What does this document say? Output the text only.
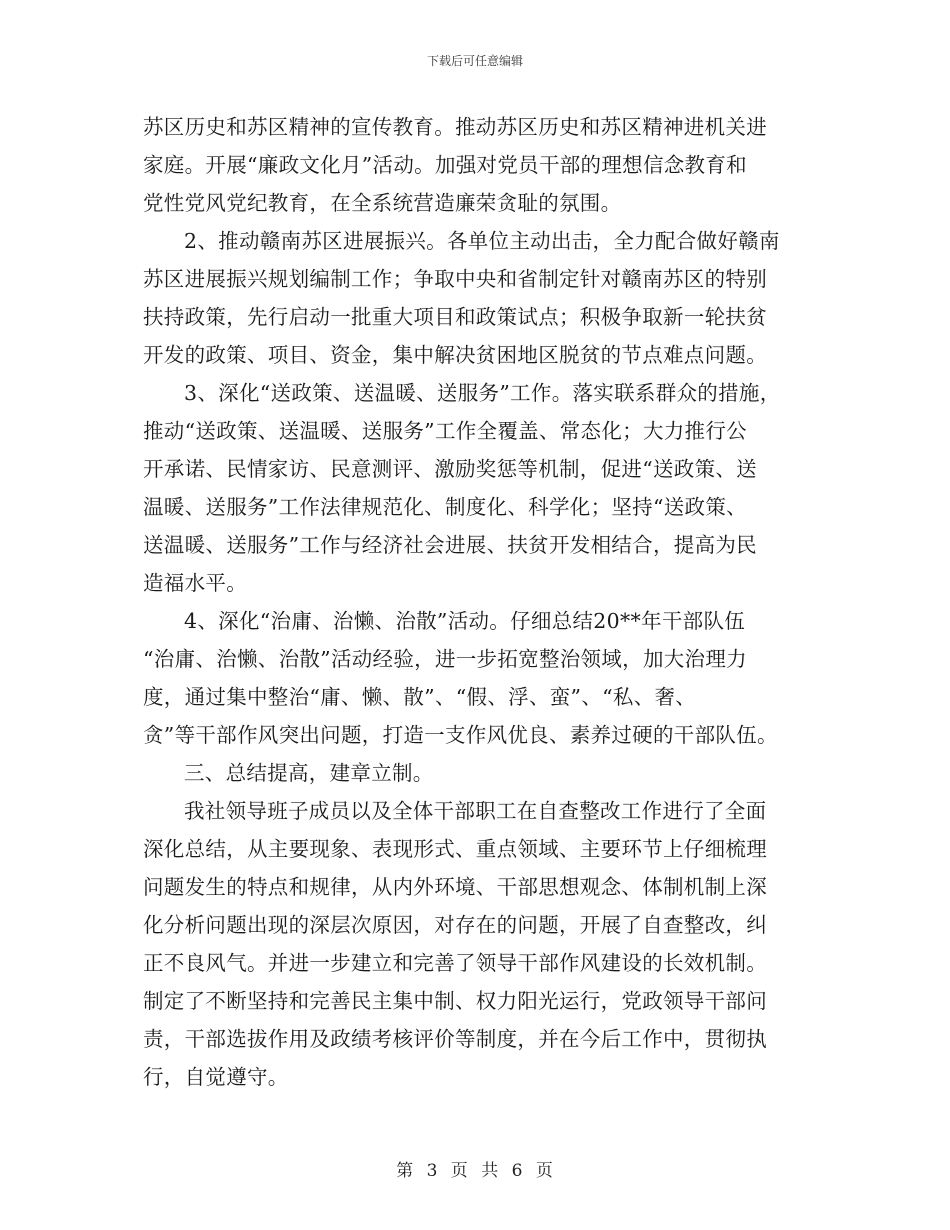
下载后可任意编辑
苏区历史和苏区精神的宣传教育。推动苏区历史和苏区精神进机关进
家庭。开展“廉政文化月”活动。加强对党员干部的理想信念教育和
党性党风党纪教育，在全系统营造廉荣贪耻的氛围。
2、推动赣南苏区进展振兴。各单位主动出击，全力配合做好赣南
苏区进展振兴规划编制工作；争取中央和省制定针对赣南苏区的特别
扶持政策，先行启动一批重大项目和政策试点；积极争取新一轮扶贫
开发的政策、项目、资金，集中解决贫困地区脱贫的节点难点问题。
3、深化“送政策、送温暖、送服务”工作。落实联系群众的措施，
推动“送政策、送温暖、送服务”工作全覆盖、常态化；大力推行公
开承诺、民情家访、民意测评、激励奖惩等机制，促进“送政策、送
温暖、送服务”工作法律规范化、制度化、科学化；坚持“送政策、
送温暖、送服务”工作与经济社会进展、扶贫开发相结合，提高为民
造福水平。
4、深化“治庸、治懒、治散”活动。仔细总结20**年干部队伍
“治庸、治懒、治散”活动经验，进一步拓宽整治领域，加大治理力
度，通过集中整治“庸、懒、散”、“假、浮、蛮”、“私、奢、
贪”等干部作风突出问题，打造一支作风优良、素养过硬的干部队伍。
三、总结提高，建章立制。
我社领导班子成员以及全体干部职工在自查整改工作进行了全面
深化总结，从主要现象、表现形式、重点领域、主要环节上仔细梳理
问题发生的特点和规律，从内外环境、干部思想观念、体制机制上深
化分析问题出现的深层次原因，对存在的问题，开展了自查整改，纠
正不良风气。并进一步建立和完善了领导干部作风建设的长效机制。
制定了不断坚持和完善民主集中制、权力阳光运行，党政领导干部问
责，干部选拔作用及政绩考核评价等制度，并在今后工作中，贯彻执
行，自觉遵守。
第 3 页 共 6 页
